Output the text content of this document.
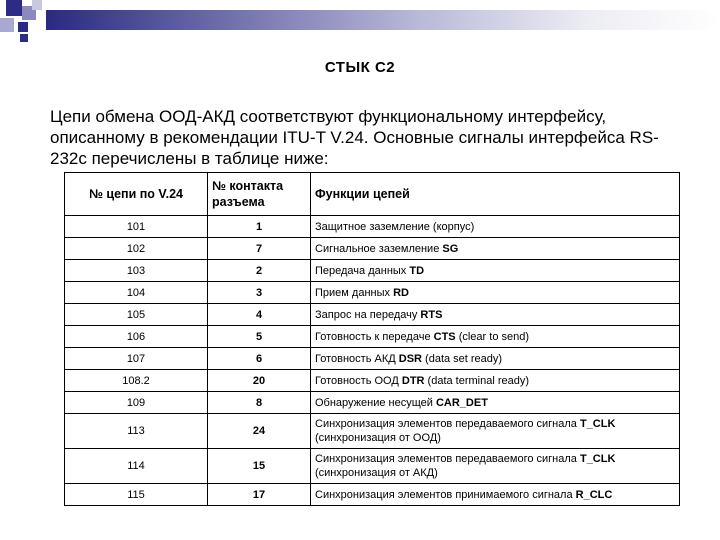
СТЫК С2
Цепи обмена ООД-АКД соответствуют функциональному интерфейсу, описанному в рекомендации ITU-T V.24. Основные сигналы интерфейса RS-232c перечислены в таблице ниже:
№ цепи по V.24	№ контакта разъема	Функции цепей
101	1	Защитное заземление (корпус)
102	7	Сигнальное заземление SG
103	2	Передача данных TD
104	3	Прием данных RD
105	4	Запрос на передачу RTS
106	5	Готовность к передаче CTS (clear to send)
107	6	Готовность АКД DSR (data set ready)
108.2	20	Готовность ООД DTR (data terminal ready)
109	8	Обнаружение несущей CAR_DET
113	24	Синхронизация элементов передаваемого сигнала T_CLK (синхронизация от ООД)
114	15	Синхронизация элементов передаваемого сигнала T_CLK (синхронизация от АКД)
115	17	Синхронизация элементов принимаемого сигнала R_CLC
